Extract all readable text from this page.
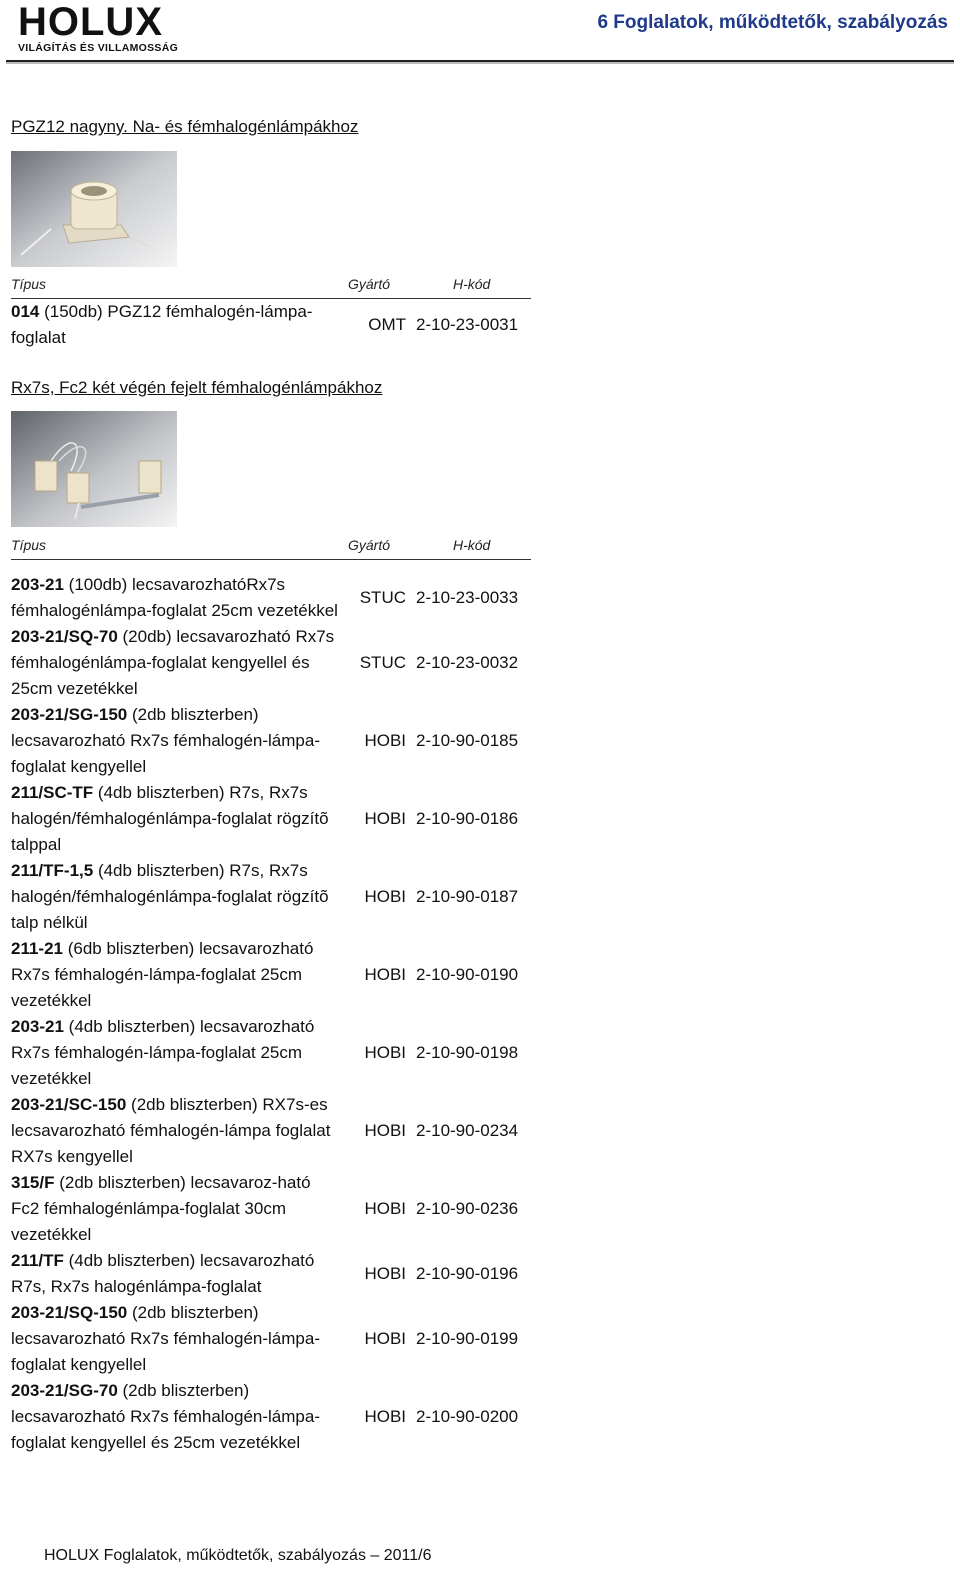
HOLUX
VILÁGÍTÁS ÉS VILLAMOSSÁG
6 Foglalatok, működtetők, szabályozás
PGZ12 nagyny. Na- és fémhalogénlámpákhoz
Típus	Gyártó	H-kód
014 (150db) PGZ12 fémhalogén-lámpa-foglalat
OMT 2-10-23-0031
Rx7s, Fc2 két végén fejelt fémhalogénlámpákhoz
Típus	Gyártó	H-kód
203-21 (100db) lecsavarozhatóRx7s fémhalogénlámpa-foglalat 25cm vezetékkel
STUC 2-10-23-0033
203-21/SQ-70 (20db) lecsavarozható Rx7s fémhalogénlámpa-foglalat kengyellel és 25cm vezetékkel
STUC 2-10-23-0032
203-21/SG-150 (2db bliszterben) lecsavarozható Rx7s fémhalogén-lámpa-foglalat kengyellel
HOBI 2-10-90-0185
211/SC-TF (4db bliszterben) R7s, Rx7s halogén/fémhalogénlámpa-foglalat rögzítõ talppal
HOBI 2-10-90-0186
211/TF-1,5 (4db bliszterben) R7s, Rx7s halogén/fémhalogénlámpa-foglalat rögzítõ talp nélkül
HOBI 2-10-90-0187
211-21 (6db bliszterben) lecsavarozható Rx7s fémhalogén-lámpa-foglalat 25cm vezetékkel
HOBI 2-10-90-0190
203-21 (4db bliszterben) lecsavarozható Rx7s fémhalogén-lámpa-foglalat 25cm vezetékkel
HOBI 2-10-90-0198
203-21/SC-150 (2db bliszterben) RX7s-es lecsavarozható fémhalogén-lámpa foglalat RX7s kengyellel
HOBI 2-10-90-0234
315/F (2db bliszterben) lecsavaroz-ható Fc2 fémhalogénlámpa-foglalat 30cm vezetékkel
HOBI 2-10-90-0236
211/TF (4db bliszterben) lecsavarozható R7s, Rx7s halogénlámpa-foglalat
HOBI 2-10-90-0196
203-21/SQ-150 (2db bliszterben) lecsavarozható Rx7s fémhalogén-lámpa-foglalat kengyellel
HOBI 2-10-90-0199
203-21/SG-70 (2db bliszterben) lecsavarozható Rx7s fémhalogén-lámpa-foglalat kengyellel és 25cm vezetékkel
HOBI 2-10-90-0200
HOLUX Foglalatok, működtetők, szabályozás – 2011/6
